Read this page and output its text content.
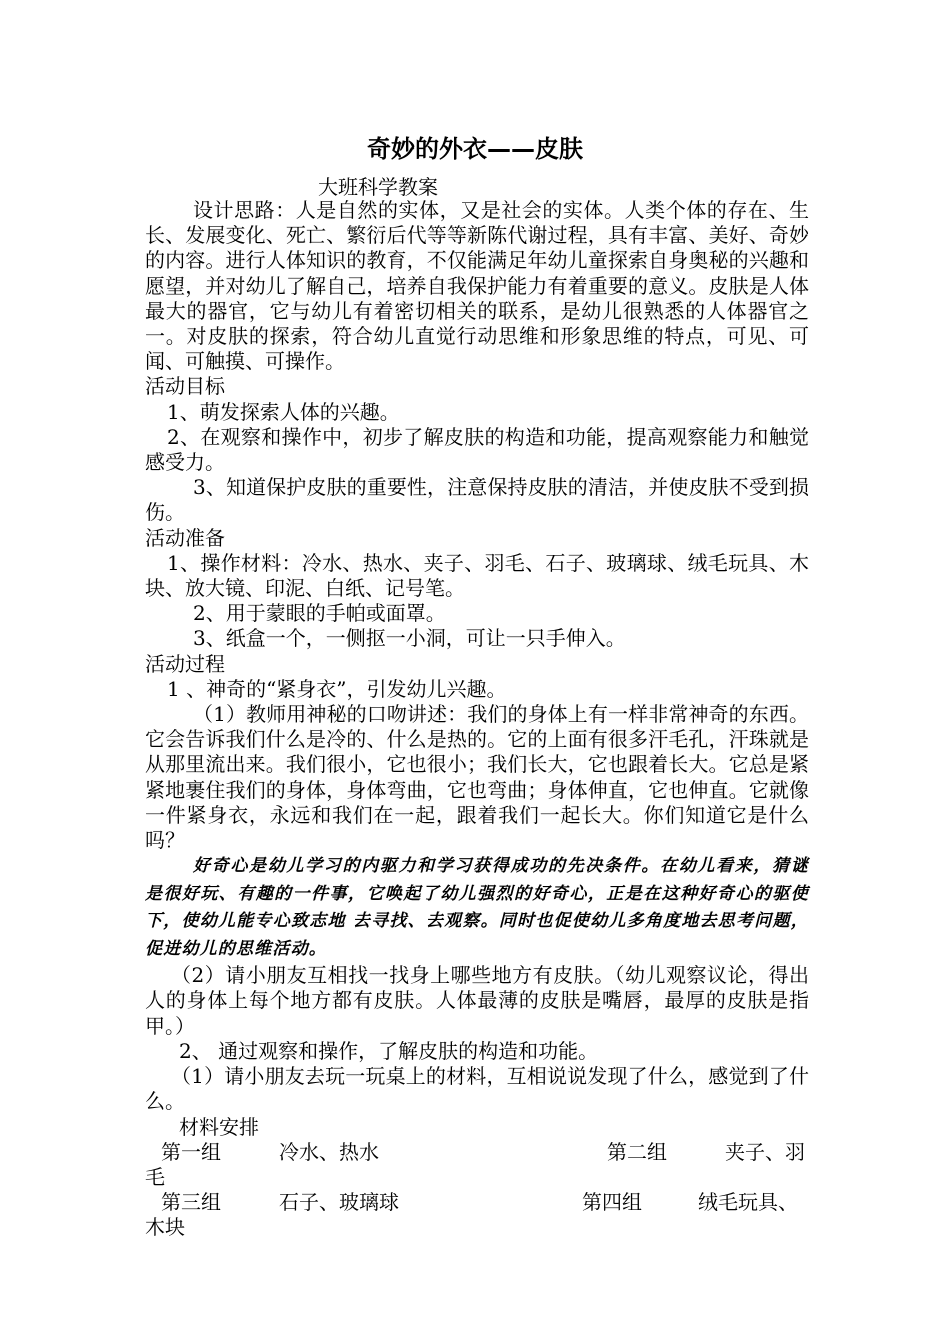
奇妙的外衣——皮肤
大班科学教案

设计思路：人是自然的实体，又是社会的实体。人类个体的存在、生长、发展变化、死亡、繁衍后代等等新陈代谢过程，具有丰富、美好、奇妙的内容。进行人体知识的教育，不仅能满足年幼儿童探索自身奥秘的兴趣和愿望，并对幼儿了解自己，培养自我保护能力有着重要的意义。皮肤是人体最大的器官，它与幼儿有着密切相关的联系，是幼儿很熟悉的人体器官之一。对皮肤的探索，符合幼儿直觉行动思维和形象思维的特点，可见、可闻、可触摸、可操作。

活动目标

1、萌发探索人体的兴趣。

2、在观察和操作中，初步了解皮肤的构造和功能，提高观察能力和触觉感受力。

3、知道保护皮肤的重要性，注意保持皮肤的清洁，并使皮肤不受到损伤。

活动准备

1、操作材料：冷水、热水、夹子、羽毛、石子、玻璃球、绒毛玩具、木块、放大镜、印泥、白纸、记号笔。

2、用于蒙眼的手帕或面罩。

3、纸盒一个，一侧抠一小洞，可让一只手伸入。

活动过程

1 、神奇的“紧身衣”，引发幼儿兴趣。

（1）教师用神秘的口吻讲述：我们的身体上有一样非常神奇的东西。它会告诉我们什么是冷的、什么是热的。它的上面有很多汗毛孔，汗珠就是从那里流出来。我们很小，它也很小；我们长大，它也跟着长大。它总是紧紧地裹住我们的身体，身体弯曲，它也弯曲；身体伸直，它也伸直。它就像一件紧身衣，永远和我们在一起，跟着我们一起长大。你们知道它是什么吗？

好奇心是幼儿学习的内驱力和学习获得成功的先决条件。在幼儿看来，猜谜是很好玩、有趣的一件事，它唤起了幼儿强烈的好奇心，正是在这种好奇心的驱使下，使幼儿能专心致志地 去寻找、去观察。同时也促使幼儿多角度地去思考问题， 促进幼儿的思维活动。

（2）请小朋友互相找一找身上哪些地方有皮肤。（幼儿观察议论，得出人的身体上每个地方都有皮肤。人体最薄的皮肤是嘴唇，最厚的皮肤是指甲。）

2、 通过观察和操作，了解皮肤的构造和功能。

（1）请小朋友去玩一玩桌上的材料，互相说说发现了什么，感觉到了什么。

材料安排

第一组	冷水、热水	第二组	夹子、羽
毛
第三组	石子、玻璃球	第四组	绒毛玩具、
木块
